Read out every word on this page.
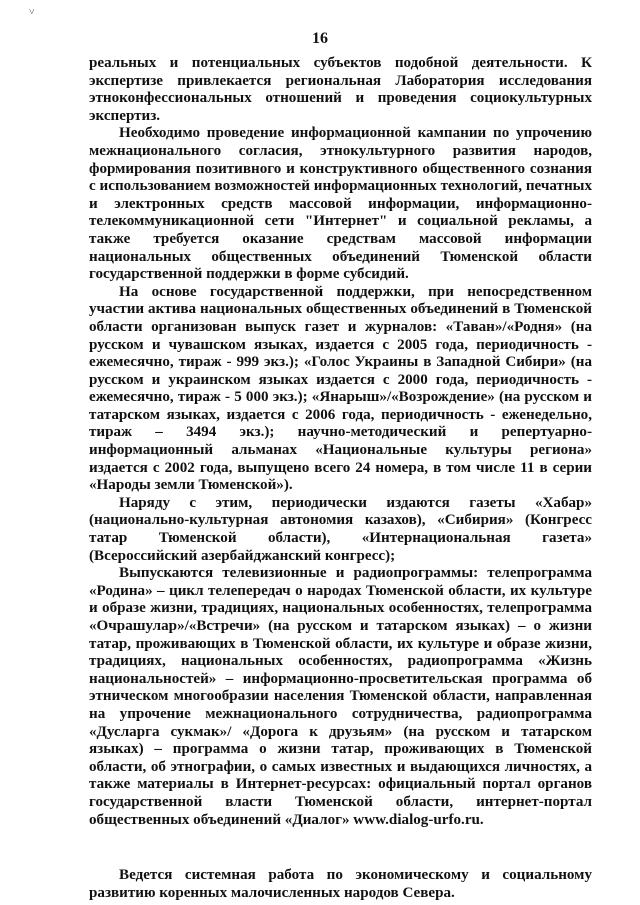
˅
16

реальных и потенциальных субъектов подобной деятельности. К экспертизе привлекается региональная Лаборатория исследования этноконфессиональных отношений и проведения социокультурных экспертиз.

Необходимо проведение информационной кампании по упрочению межнационального согласия, этнокультурного развития народов, формирования позитивного и конструктивного общественного сознания с использованием возможностей информационных технологий, печатных и электронных средств массовой информации, информационно-телекоммуникационной сети "Интернет" и социальной рекламы, а также требуется оказание средствам массовой информации национальных общественных объединений Тюменской области государственной поддержки в форме субсидий.

На основе государственной поддержки, при непосредственном участии актива национальных общественных объединений в Тюменской области организован выпуск газет и журналов: «Таван»/«Родня» (на русском и чувашском языках, издается с 2005 года, периодичность - ежемесячно, тираж - 999 экз.); «Голос Украины в Западной Сибири» (на русском и украинском языках издается с 2000 года, периодичность - ежемесячно, тираж - 5 000 экз.); «Янарыш»/«Возрождение» (на русском и татарском языках, издается с 2006 года, периодичность - еженедельно, тираж – 3494 экз.); научно-методический и репертуарно-информационный альманах «Национальные культуры региона» издается с 2002 года, выпущено всего 24 номера, в том числе 11 в серии «Народы земли Тюменской»).

Наряду с этим, периодически издаются газеты «Хабар» (национально-культурная автономия казахов), «Сибирия» (Конгресс татар Тюменской области), «Интернациональная газета» (Всероссийский азербайджанский конгресс);

Выпускаются телевизионные и радиопрограммы: телепрограмма «Родина» – цикл телепередач о народах Тюменской области, их культуре и образе жизни, традициях, национальных особенностях, телепрограмма «Очрашулар»/«Встречи» (на русском и татарском языках) – о жизни татар, проживающих в Тюменской области, их культуре и образе жизни, традициях, национальных особенностях, радиопрограмма «Жизнь национальностей» – информационно-просветительская программа об этническом многообразии населения Тюменской области, направленная на упрочение межнационального сотрудничества, радиопрограмма «Дусларга сукмак»/ «Дорога к друзьям» (на русском и татарском языках) – программа о жизни татар, проживающих в Тюменской области, об этнографии, о самых известных и выдающихся личностях, а также материалы в Интернет-ресурсах: официальный портал органов государственной власти Тюменской области, интернет-портал общественных объединений «Диалог» www.dialog-urfo.ru.

Ведется системная работа по экономическому и социальному развитию коренных малочисленных народов Севера.
